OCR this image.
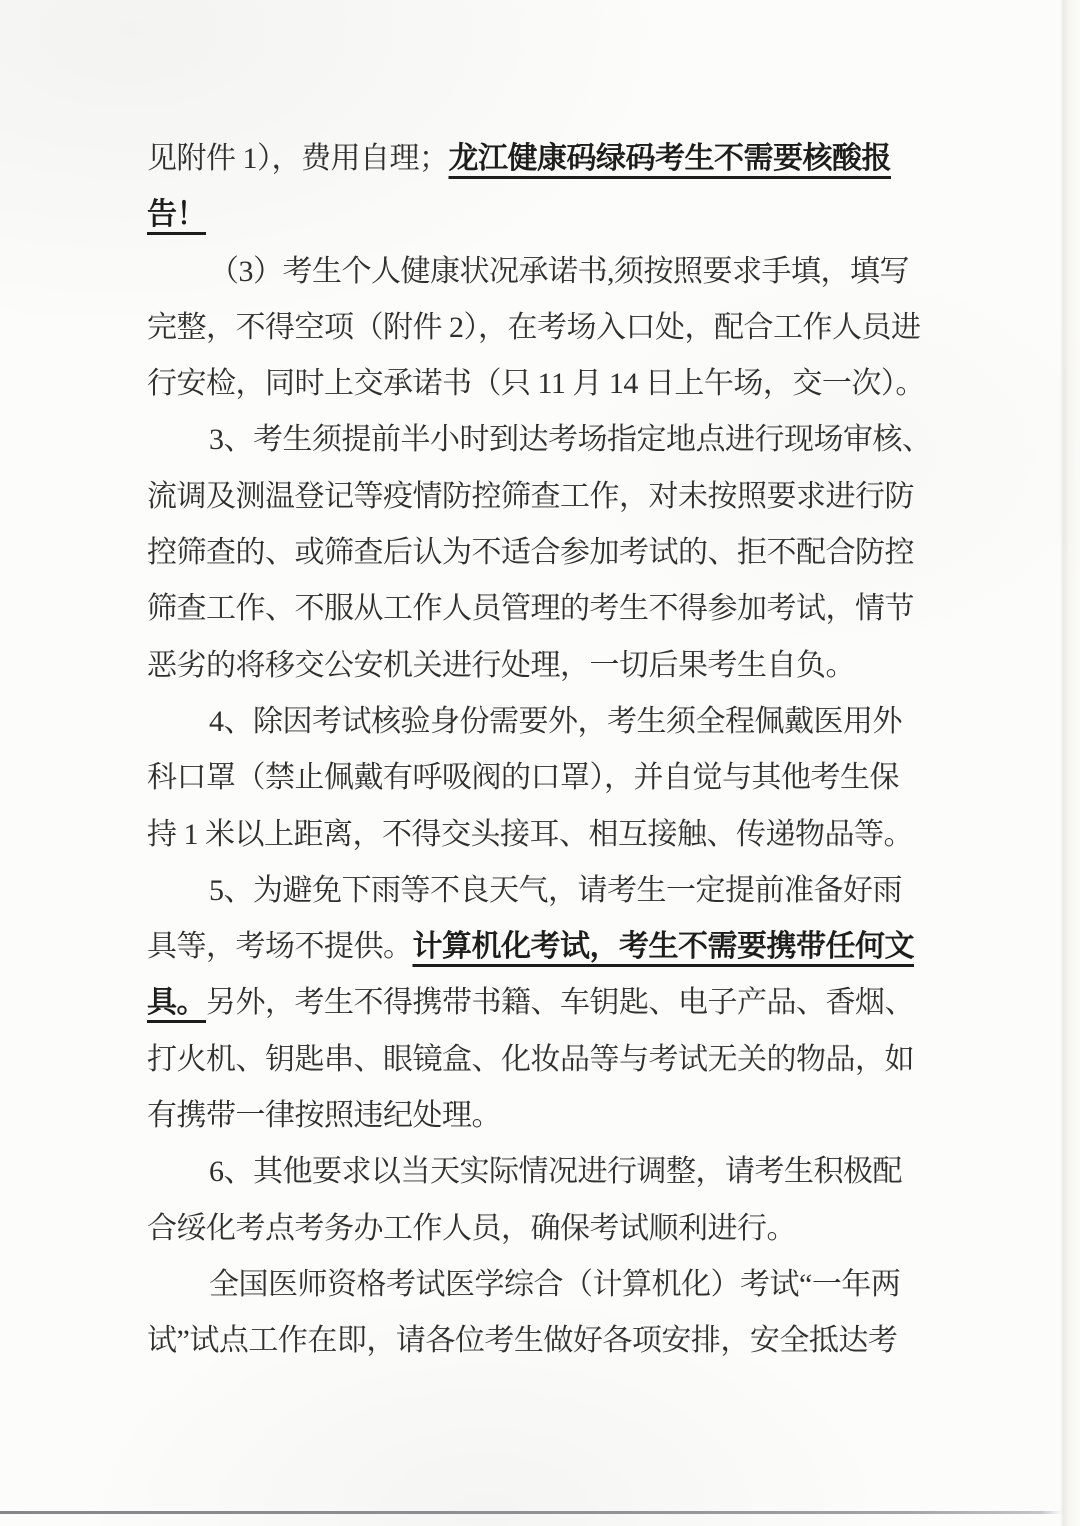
见附件 1），费用自理；龙江健康码绿码考生不需要核酸报
告！
（3）考生个人健康状况承诺书,须按照要求手填，填写
完整，不得空项（附件 2），在考场入口处，配合工作人员进
行安检，同时上交承诺书（只 11 月 14 日上午场，交一次）。
3、考生须提前半小时到达考场指定地点进行现场审核、
流调及测温登记等疫情防控筛查工作，对未按照要求进行防
控筛查的、或筛查后认为不适合参加考试的、拒不配合防控
筛查工作、不服从工作人员管理的考生不得参加考试，情节
恶劣的将移交公安机关进行处理，一切后果考生自负。
4、除因考试核验身份需要外，考生须全程佩戴医用外
科口罩（禁止佩戴有呼吸阀的口罩），并自觉与其他考生保
持 1 米以上距离，不得交头接耳、相互接触、传递物品等。
5、为避免下雨等不良天气，请考生一定提前准备好雨
具等，考场不提供。计算机化考试，考生不需要携带任何文
具。另外，考生不得携带书籍、车钥匙、电子产品、香烟、
打火机、钥匙串、眼镜盒、化妆品等与考试无关的物品，如
有携带一律按照违纪处理。
6、其他要求以当天实际情况进行调整，请考生积极配
合绥化考点考务办工作人员，确保考试顺利进行。
全国医师资格考试医学综合（计算机化）考试“一年两
试”试点工作在即，请各位考生做好各项安排，安全抵达考
